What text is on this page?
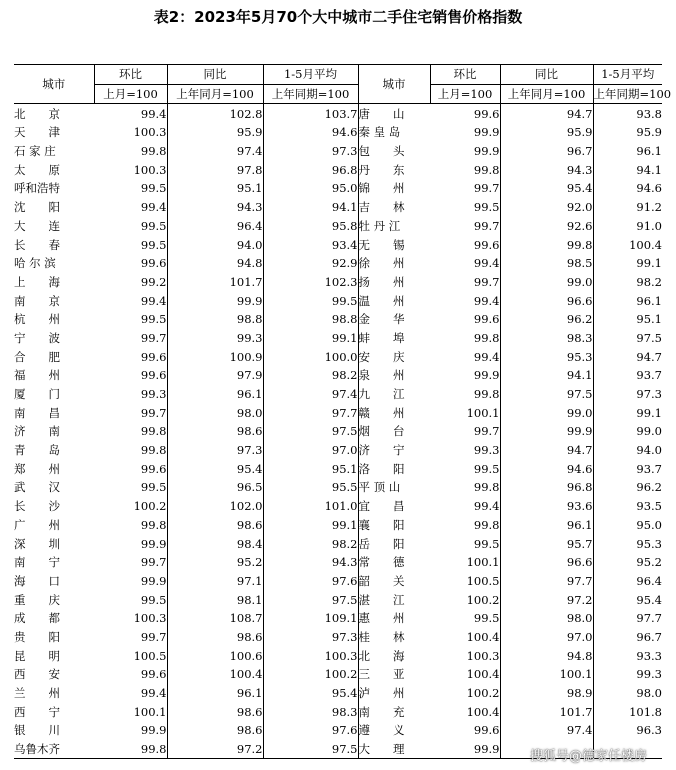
表2：2023年5月70个大中城市二手住宅销售价格指数
城市	环比	同比	1-5月平均	城市	环比	同比	1-5月平均
	上月=100	上年同月=100	上年同期=100		上月=100	上年同月=100	上年同期=100
北　　京	99.4	102.8	103.7	唐　　山	99.6	94.7	93.8
天　　津	100.3	95.9	94.6	秦 皇 岛	99.9	95.9	95.9
石 家 庄	99.8	97.4	97.3	包　　头	99.9	96.7	96.1
太　　原	100.3	97.8	96.8	丹　　东	99.8	94.3	94.1
呼和浩特	99.5	95.1	95.0	锦　　州	99.7	95.4	94.6
沈　　阳	99.4	94.3	94.1	吉　　林	99.5	92.0	91.2
大　　连	99.5	96.4	95.8	牡 丹 江	99.7	92.6	91.0
长　　春	99.5	94.0	93.4	无　　锡	99.6	99.8	100.4
哈 尔 滨	99.6	94.8	92.9	徐　　州	99.4	98.5	99.1
上　　海	99.2	101.7	102.3	扬　　州	99.7	99.0	98.2
南　　京	99.4	99.9	99.5	温　　州	99.4	96.6	96.1
杭　　州	99.5	98.8	98.8	金　　华	99.6	96.2	95.1
宁　　波	99.7	99.3	99.1	蚌　　埠	99.8	98.3	97.5
合　　肥	99.6	100.9	100.0	安　　庆	99.4	95.3	94.7
福　　州	99.6	97.9	98.2	泉　　州	99.9	94.1	93.7
厦　　门	99.3	96.1	97.4	九　　江	99.8	97.5	97.3
南　　昌	99.7	98.0	97.7	赣　　州	100.1	99.0	99.1
济　　南	99.8	98.6	97.5	烟　　台	99.7	99.9	99.0
青　　岛	99.8	97.3	97.0	济　　宁	99.3	94.7	94.0
郑　　州	99.6	95.4	95.1	洛　　阳	99.5	94.6	93.7
武　　汉	99.5	96.5	95.5	平 顶 山	99.8	96.8	96.2
长　　沙	100.2	102.0	101.0	宜　　昌	99.4	93.6	93.5
广　　州	99.8	98.6	99.1	襄　　阳	99.8	96.1	95.0
深　　圳	99.9	98.4	98.2	岳　　阳	99.5	95.7	95.3
南　　宁	99.7	95.2	94.3	常　　德	100.1	96.6	95.2
海　　口	99.9	97.1	97.6	韶　　关	100.5	97.7	96.4
重　　庆	99.5	98.1	97.5	湛　　江	100.2	97.2	95.4
成　　都	100.3	108.7	109.1	惠　　州	99.5	98.0	97.7
贵　　阳	99.7	98.6	97.3	桂　　林	100.4	97.0	96.7
昆　　明	100.5	100.6	100.3	北　　海	100.3	94.8	93.3
西　　安	99.6	100.4	100.2	三　　亚	100.4	100.1	99.3
兰　　州	99.4	96.1	95.4	泸　　州	100.2	98.9	98.0
西　　宁	100.1	98.6	98.3	南　　充	100.4	101.7	101.8
银　　川	99.9	98.6	97.6	遵　　义	99.6	97.4	96.3
乌鲁木齐	99.8	97.2	97.5	大　　理	99.9		搜狐号@德家任楼房
